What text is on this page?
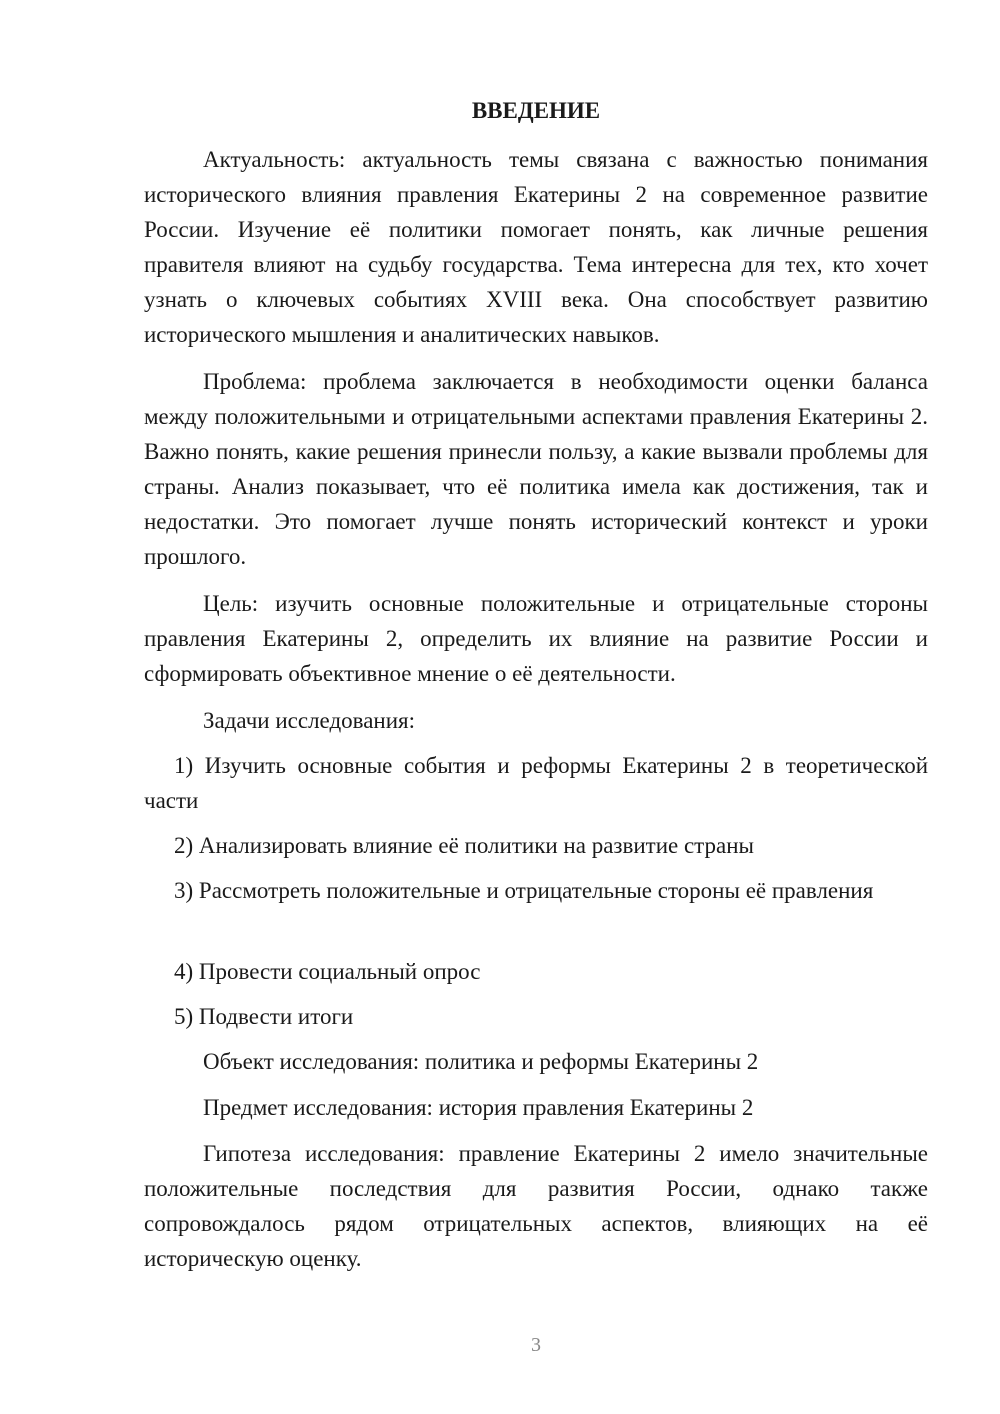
ВВЕДЕНИЕ

Актуальность: актуальность темы связана с важностью понимания исторического влияния правления Екатерины 2 на современное развитие России. Изучение её политики помогает понять, как личные решения правителя влияют на судьбу государства. Тема интересна для тех, кто хочет узнать о ключевых событиях XVIII века. Она способствует развитию исторического мышления и аналитических навыков.

Проблема: проблема заключается в необходимости оценки баланса между положительными и отрицательными аспектами правления Екатерины 2. Важно понять, какие решения принесли пользу, а какие вызвали проблемы для страны. Анализ показывает, что её политика имела как достижения, так и недостатки. Это помогает лучше понять исторический контекст и уроки прошлого.

Цель: изучить основные положительные и отрицательные стороны правления Екатерины 2, определить их влияние на развитие России и сформировать объективное мнение о её деятельности.

Задачи исследования:

1) Изучить основные события и реформы Екатерины 2 в теоретической части

2) Анализировать влияние её политики на развитие страны

3) Рассмотреть положительные и отрицательные стороны её правления

4) Провести социальный опрос

5) Подвести итоги

Объект исследования: политика и реформы Екатерины 2

Предмет исследования: история правления Екатерины 2

Гипотеза исследования: правление Екатерины 2 имело значительные положительные последствия для развития России, однако также сопровождалось рядом отрицательных аспектов, влияющих на её историческую оценку.

3
